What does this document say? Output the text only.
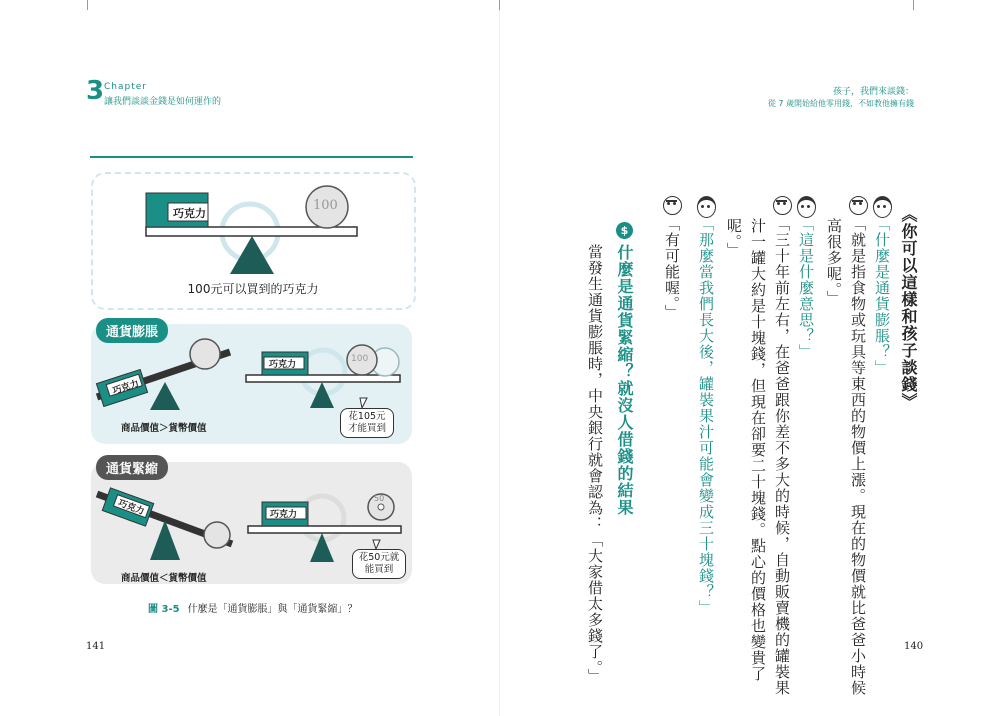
3 Chapter
讓我們談談金錢是如何運作的
巧克力
100
100元可以買到的巧克力
通貨膨脹
巧克力
巧克力
100
商品價值＞貨幣價值
花105元
才能買到
通貨緊縮
巧克力	巧克力
50
商品價值＜貨幣價值
花50元就
能買到
圖 3-5 什麼是「通貨膨脹」與「通貨緊縮」？
141
孩子，我們來談錢：
從 7 歲開始給他零用錢，不如教他擁有錢
《你可以這樣和孩子談錢》
「什麼是通貨膨脹？」
「就是指食物或玩具等東西的物價上漲。現在的物價就比爸爸小時候
高很多呢。」
「這是什麼意思？」
「三十年前左右，在爸爸跟你差不多大的時候，自動販賣機的罐裝果
汁一罐大約是十塊錢，但現在卻要二十塊錢。點心的價格也變貴了
呢。」
「那麼當我們長大後，罐裝果汁可能會變成三十塊錢？」
「有可能喔。」
$
什麼是通貨緊縮？就沒人借錢的結果
當發生通貨膨脹時，中央銀行就會認為：「大家借太多錢了。」	140
